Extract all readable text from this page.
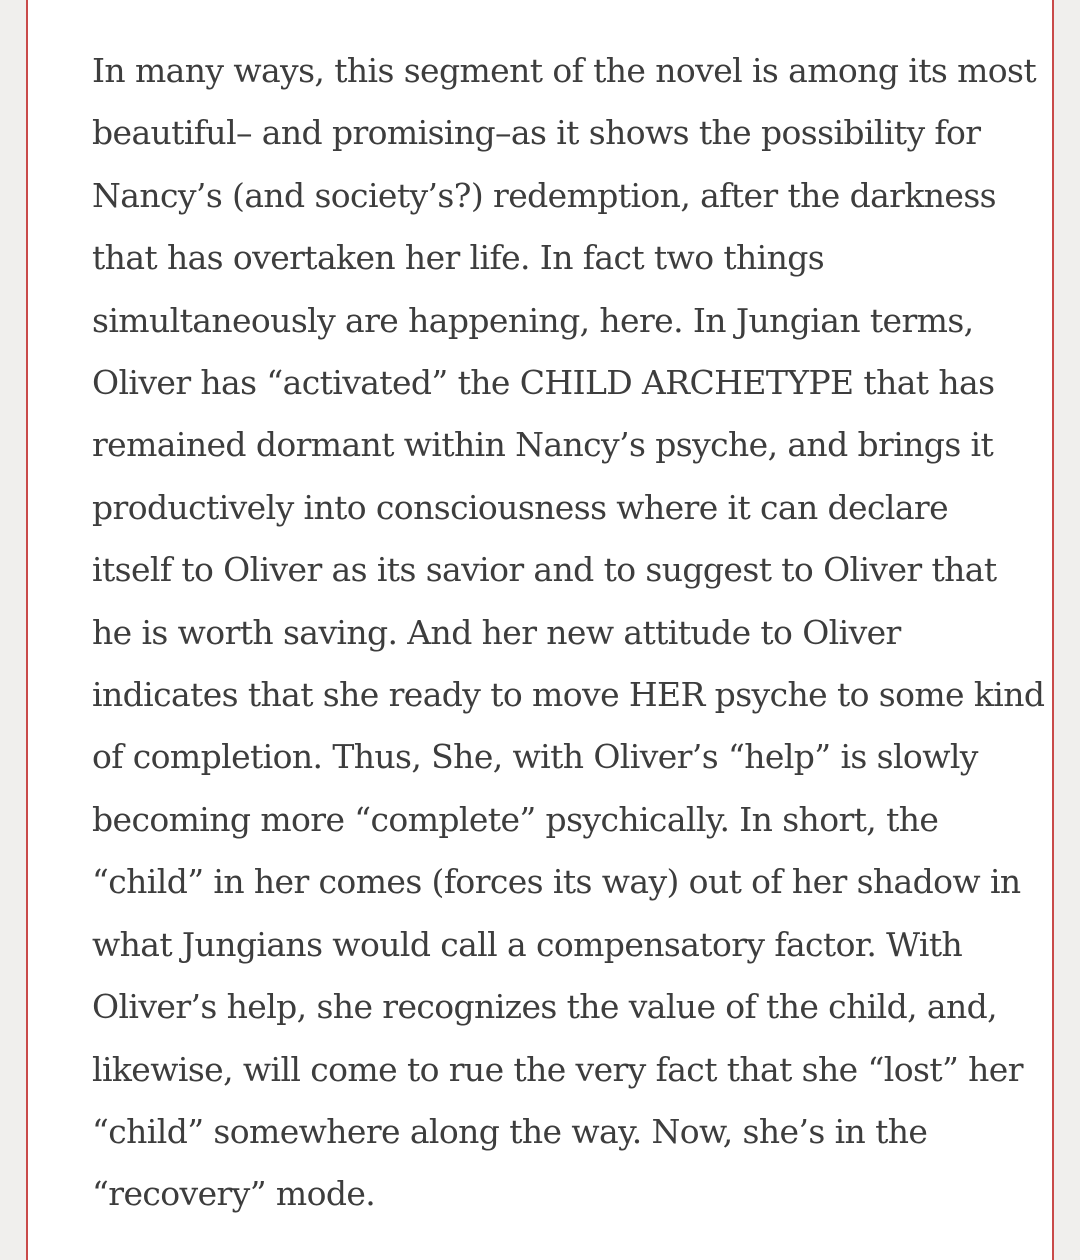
In many ways, this segment of the novel is among its most
beautiful– and promising–as it shows the possibility for
Nancy’s (and society’s?) redemption, after the darkness
that has overtaken her life. In fact two things
simultaneously are happening, here. In Jungian terms,
Oliver has “activated” the CHILD ARCHETYPE that has
remained dormant within Nancy’s psyche, and brings it
productively into consciousness where it can declare
itself to Oliver as its savior and to suggest to Oliver that
he is worth saving. And her new attitude to Oliver
indicates that she ready to move HER psyche to some kind
of completion. Thus, She, with Oliver’s “help” is slowly
becoming more “complete” psychically. In short, the
“child” in her comes (forces its way) out of her shadow in
what Jungians would call a compensatory factor. With
Oliver’s help, she recognizes the value of the child, and,
likewise, will come to rue the very fact that she “lost” her
“child” somewhere along the way. Now, she’s in the
“recovery” mode.
